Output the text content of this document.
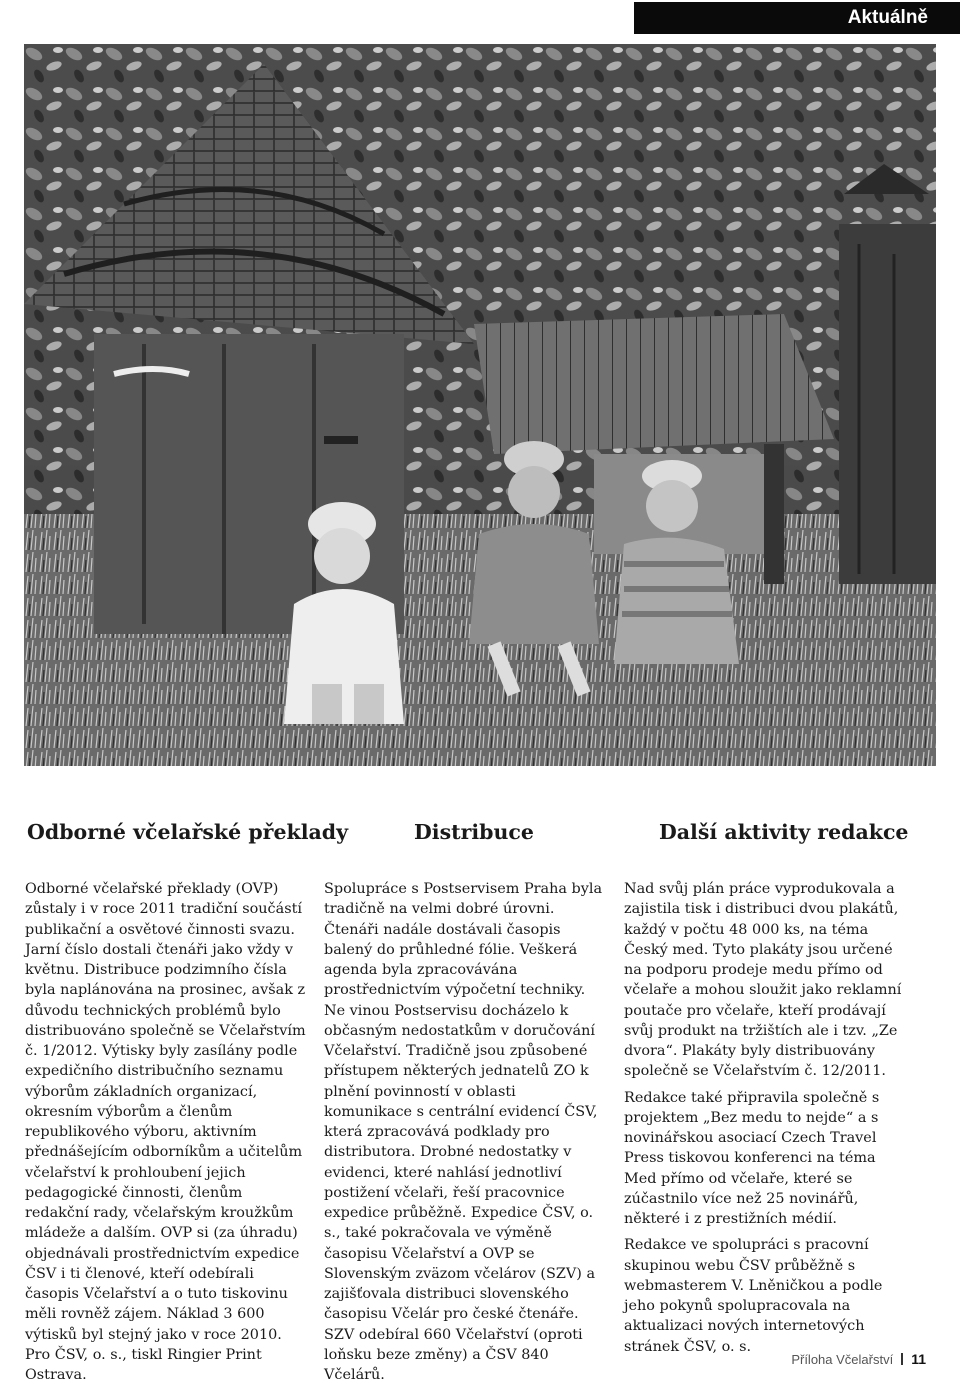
Aktuálně
Odborné včelařské překlady	Distribuce	Další aktivity redakce

Odborné včelařské překlady (OVP) zůstaly i v roce 2011 tradiční součástí publikační a osvětové činnosti svazu. Jarní číslo dostali čtenáři jako vždy v květnu. Distribuce podzimního čísla byla naplánována na prosinec, avšak z důvodu technických problémů bylo distribuováno společně se Včelařstvím č. 1/2012. Výtisky byly zasílány podle expedičního distribučního seznamu výborům základních organizací, okresním výborům a členům republikového výboru, aktivním přednášejícím odborníkům a učitelům včelařství k prohloubení jejich pedagogické činnosti, členům redakční rady, včelařským kroužkům mládeže a dalším. OVP si (za úhradu) objednávali prostřednictvím expedice ČSV i ti členové, kteří odebírali časopis Včelařství a o tuto tiskovinu měli rovněž zájem. Náklad 3 600 výtisků byl stejný jako v roce 2010. Pro ČSV, o. s., tiskl Ringier Print Ostrava.

Spolupráce s Postservisem Praha byla tradičně na velmi dobré úrovni. Čtenáři nadále dostávali časopis balený do průhledné fólie. Veškerá agenda byla zpracovávána prostřednictvím výpočetní techniky. Ne vinou Postservisu docházelo k občasným nedostatkům v doručování Včelařství. Tradičně jsou způsobené přístupem některých jednatelů ZO k plnění povinností v oblasti komunikace s centrální evidencí ČSV, která zpracovává podklady pro distributora. Drobné nedostatky v evidenci, které nahlásí jednotliví postižení včelaři, řeší pracovnice expedice průběžně. Expedice ČSV, o. s., také pokračovala ve výměně časopisu Včelařství a OVP se Slovenským zväzom včelárov (SZV) a zajišťovala distribuci slovenského časopisu Včelár pro české čtenáře. SZV odebíral 660 Včelařství (oproti loňsku beze změny) a ČSV 840 Včelárů.

Nad svůj plán práce vyprodukovala a zajistila tisk i distribuci dvou plakátů, každý v počtu 48 000 ks, na téma Český med. Tyto plakáty jsou určené na podporu prodeje medu přímo od včelaře a mohou sloužit jako reklamní poutače pro včelaře, kteří prodávají svůj produkt na tržištích ale i tzv. „Ze dvora“. Plakáty byly distribuovány společně se Včelařstvím č. 12/2011.

Redakce také připravila společně s projektem „Bez medu to nejde“ a s novinářskou asociací Czech Travel Press tiskovou konferenci na téma Med přímo od včelaře, které se zúčastnilo více než 25 novinářů, některé i z prestižních médií.

Redakce ve spolupráci s pracovní skupinou webu ČSV průběžně s webmasterem V. Lněničkou a podle jeho pokynů spolupracovala na aktualizaci nových internetových stránek ČSV, o. s.

Příloha Včelařství 11
